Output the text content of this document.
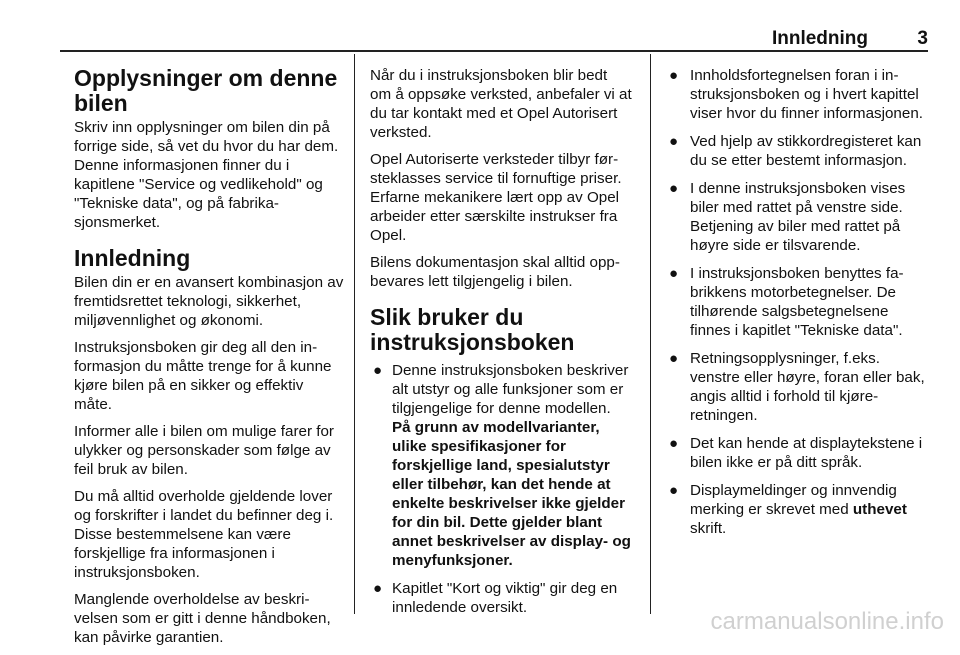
Innledning	3
Opplysninger om denne bilen

Skriv inn opplysninger om bilen din på forrige side, så vet du hvor du har dem. Denne informasjonen finner du i kapitlene "Service og vedlikehold" og "Tekniske data", og på fabrikasjonsmerket.

Innledning

Bilen din er en avansert kombinasjon av fremtidsrettet teknologi, sikkerhet, miljøvennlighet og økonomi.

Instruksjonsboken gir deg all den informasjon du måtte trenge for å kunne kjøre bilen på en sikker og effektiv måte.

Informer alle i bilen om mulige farer for ulykker og personskader som følge av feil bruk av bilen.

Du må alltid overholde gjeldende lover og forskrifter i landet du befinner deg i. Disse bestemmelsene kan være forskjellige fra informasjonen i instruksjonsboken.

Manglende overholdelse av beskrivelsen som er gitt i denne håndboken, kan påvirke garantien.

Når du i instruksjonsboken blir bedt om å oppsøke verksted, anbefaler vi at du tar kontakt med et Opel Autorisert verksted.

Opel Autoriserte verksteder tilbyr førsteklasses service til fornuftige priser. Erfarne mekanikere lært opp av Opel arbeider etter særskilte instrukser fra Opel.

Bilens dokumentasjon skal alltid oppbevares lett tilgjengelig i bilen.

Slik bruker du instruksjonsboken
● Denne instruksjonsboken beskriver alt utstyr og alle funksjoner som er tilgjengelige for denne modellen. På grunn av modellvarianter, ulike spesifikasjoner for forskjellige land, spesialutstyr eller tilbehør, kan det hende at enkelte beskrivelser ikke gjelder for din bil. Dette gjelder blant annet beskrivelser av display- og menyfunksjoner.
● Kapitlet "Kort og viktig" gir deg en innledende oversikt.
● Innholdsfortegnelsen foran i instruksjonsboken og i hvert kapittel viser hvor du finner informasjonen.
● Ved hjelp av stikkordregisteret kan du se etter bestemt informasjon.
● I denne instruksjonsboken vises biler med rattet på venstre side. Betjening av biler med rattet på høyre side er tilsvarende.
● I instruksjonsboken benyttes fabrikkens motorbetegnelser. De tilhørende salgsbetegnelsene finnes i kapitlet "Tekniske data".
● Retningsopplysninger, f.eks. venstre eller høyre, foran eller bak, angis alltid i forhold til kjøreretningen.
● Det kan hende at displaytekstene i bilen ikke er på ditt språk.
● Displaymeldinger og innvendig merking er skrevet med uthevet skrift.
carmanualsonline.info
